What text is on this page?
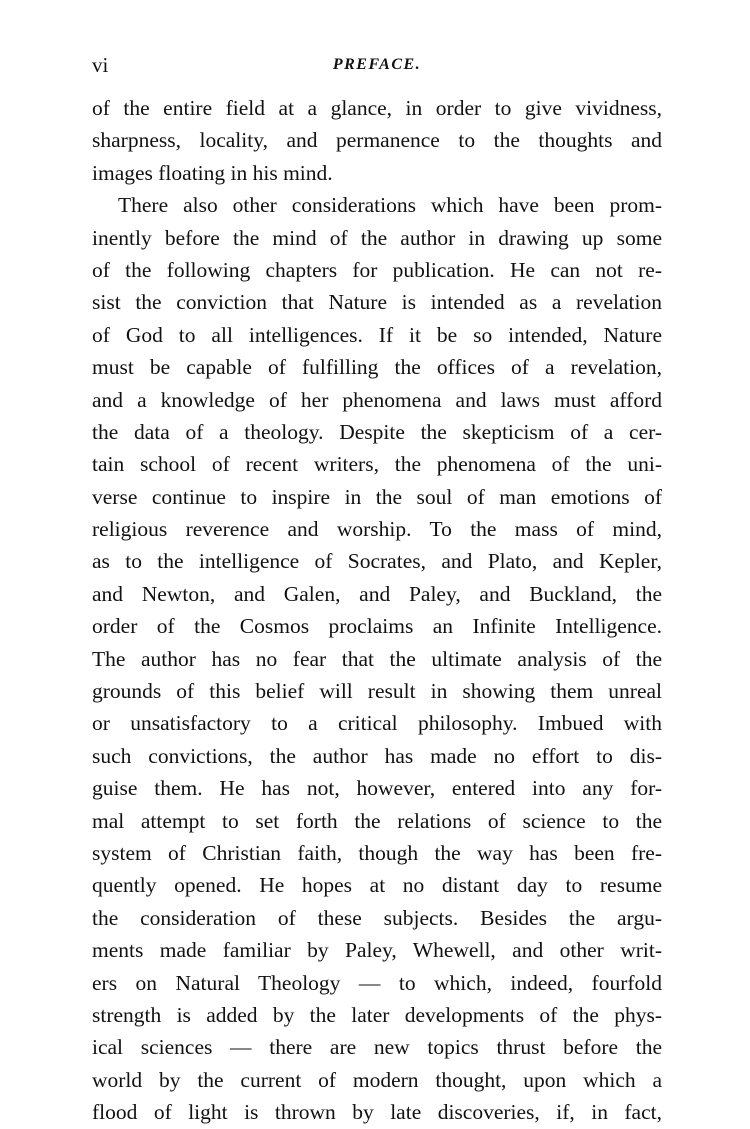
vi	PREFACE.
of the entire field at a glance, in order to give vividness,
sharpness, locality, and permanence to the thoughts and
images floating in his mind.
There also other considerations which have been prom-
inently before the mind of the author in drawing up some
of the following chapters for publication. He can not re-
sist the conviction that Nature is intended as a revelation
of God to all intelligences. If it be so intended, Nature
must be capable of fulfilling the offices of a revelation,
and a knowledge of her phenomena and laws must afford
the data of a theology. Despite the skepticism of a cer-
tain school of recent writers, the phenomena of the uni-
verse continue to inspire in the soul of man emotions of
religious reverence and worship. To the mass of mind,
as to the intelligence of Socrates, and Plato, and Kepler,
and Newton, and Galen, and Paley, and Buckland, the
order of the Cosmos proclaims an Infinite Intelligence.
The author has no fear that the ultimate analysis of the
grounds of this belief will result in showing them unreal
or unsatisfactory to a critical philosophy. Imbued with
such convictions, the author has made no effort to dis-
guise them. He has not, however, entered into any for-
mal attempt to set forth the relations of science to the
system of Christian faith, though the way has been fre-
quently opened. He hopes at no distant day to resume
the consideration of these subjects. Besides the argu-
ments made familiar by Paley, Whewell, and other writ-
ers on Natural Theology — to which, indeed, fourfold
strength is added by the later developments of the phys-
ical sciences — there are new topics thrust before the
world by the current of modern thought, upon which a
flood of light is thrown by late discoveries, if, in fact,
